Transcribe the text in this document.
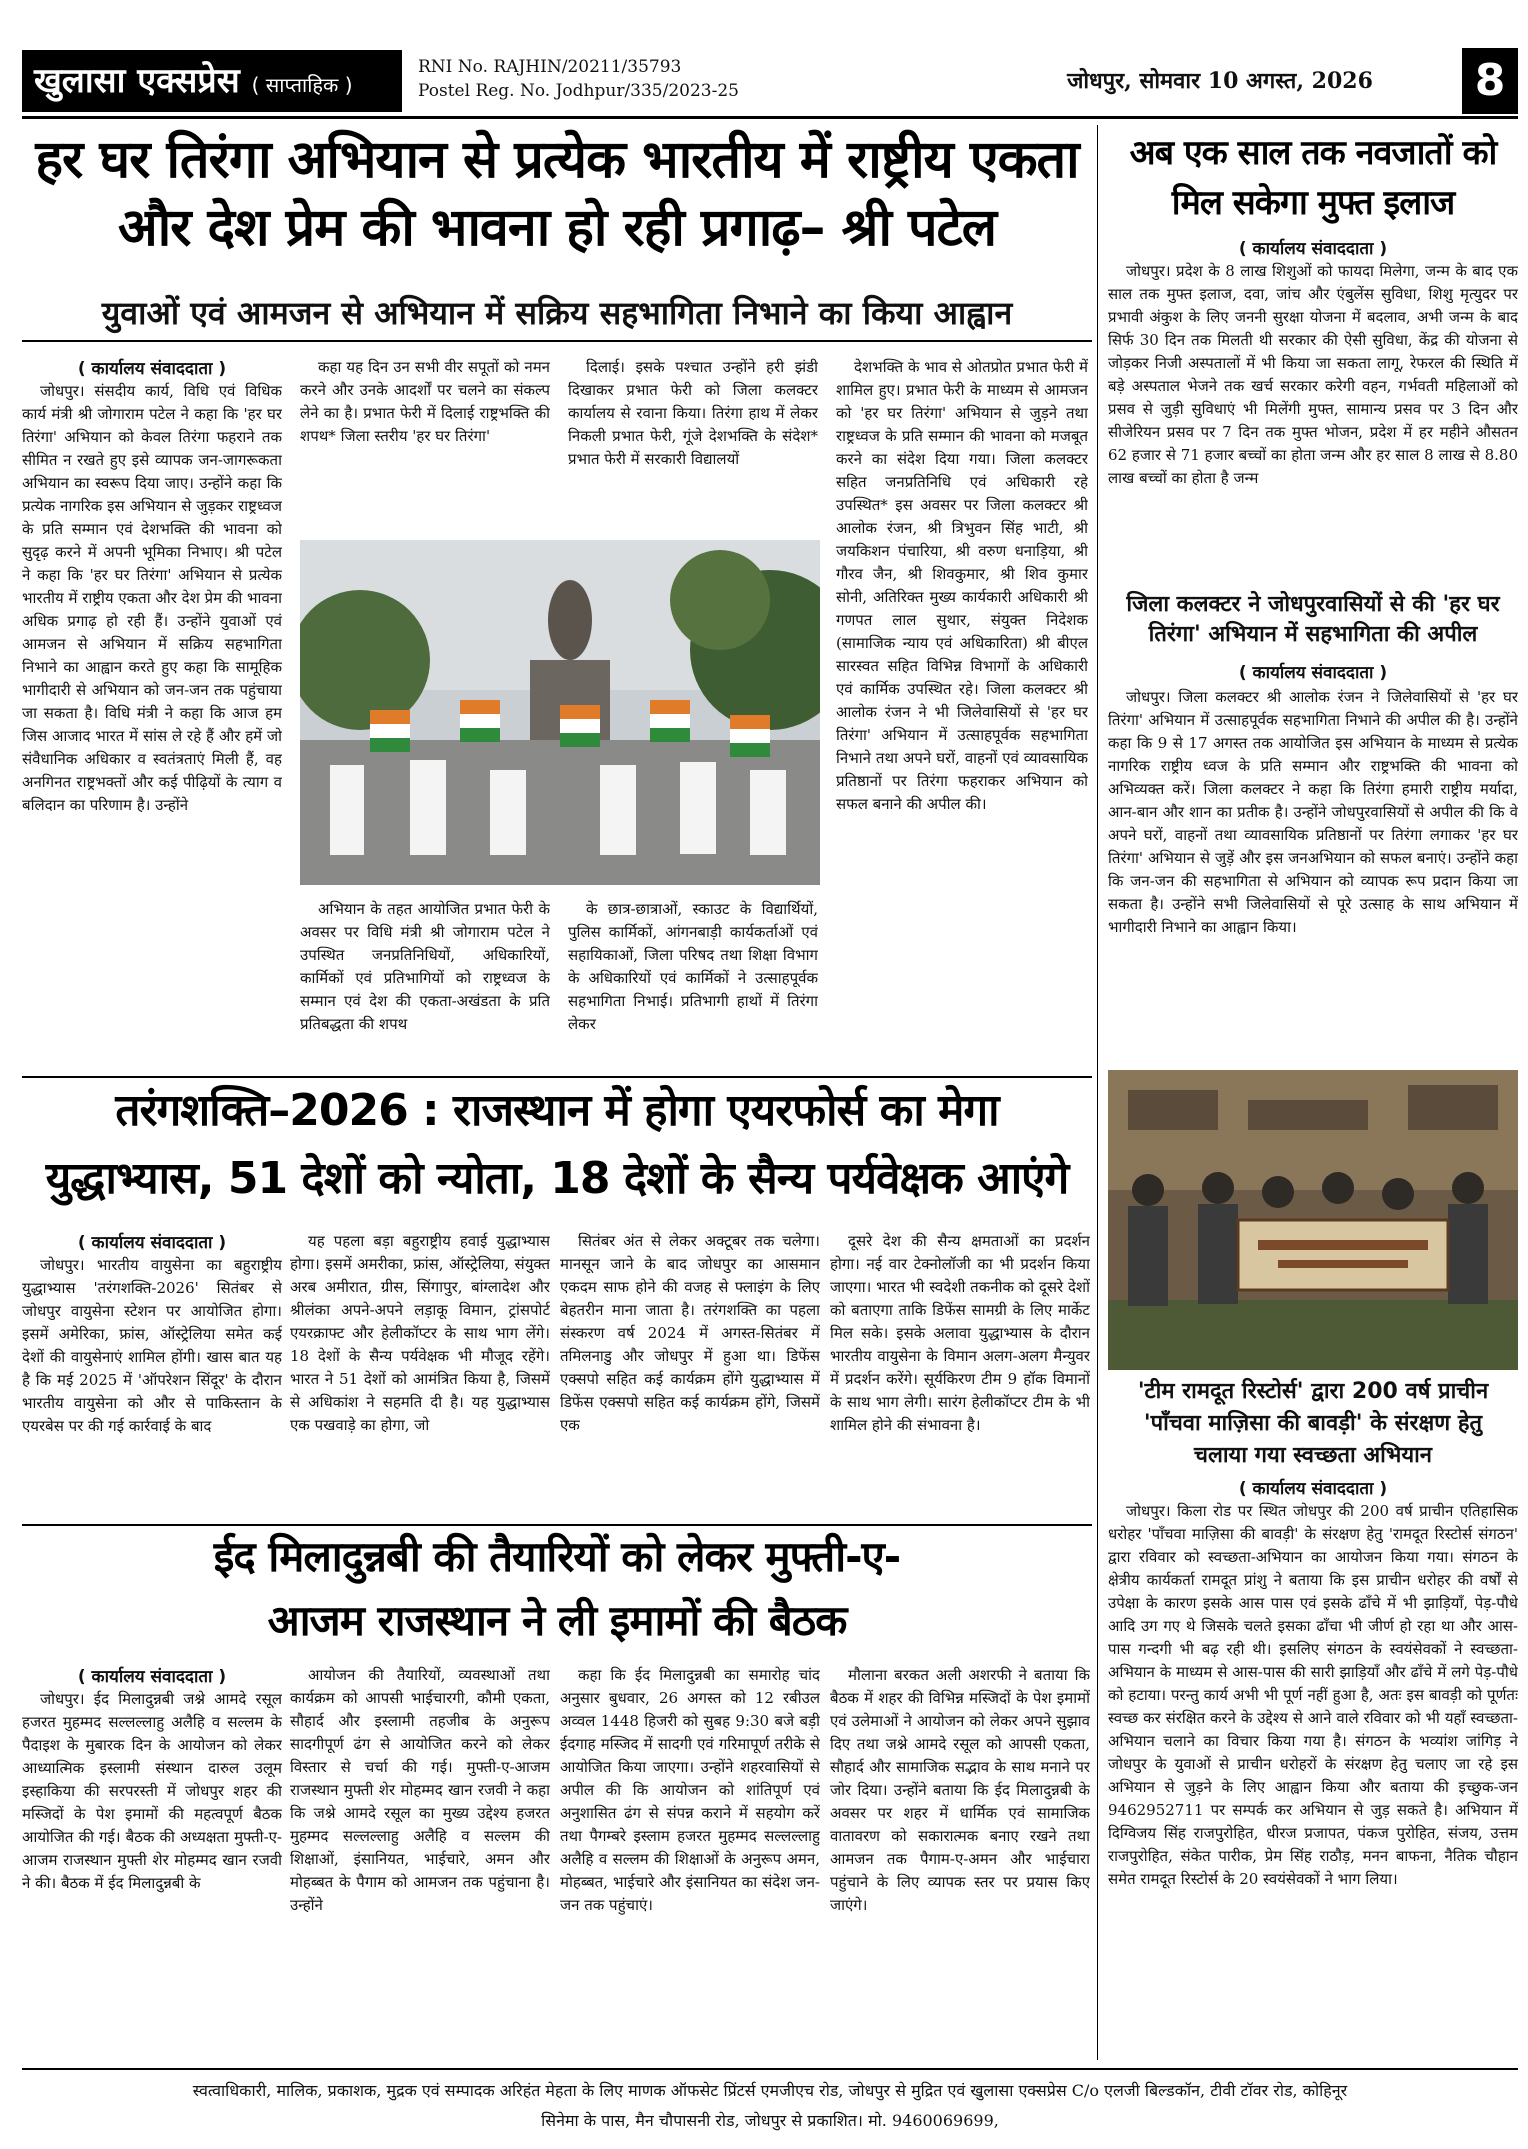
खुलासा एक्सप्रेस ( साप्ताहिक )
RNI No. RAJHIN/20211/35793
Postel Reg. No. Jodhpur/335/2023-25	जोधपुर, सोमवार 10 अगस्त, 2026	8
हर घर तिरंगा अभियान से प्रत्येक भारतीय में राष्ट्रीय एकता
और देश प्रेम की भावना हो रही प्रगाढ़– श्री पटेल
युवाओं एवं आमजन से अभियान में सक्रिय सहभागिता निभाने का किया आह्वान
( कार्यालय संवाददाता )

जोधपुर। संसदीय कार्य, विधि एवं विधिक कार्य मंत्री श्री जोगाराम पटेल ने कहा कि 'हर घर तिरंगा' अभियान को केवल तिरंगा फहराने तक सीमित न रखते हुए इसे व्यापक जन-जागरूकता अभियान का स्वरूप दिया जाए। उन्होंने कहा कि प्रत्येक नागरिक इस अभियान से जुड़कर राष्ट्रध्वज के प्रति सम्मान एवं देशभक्ति की भावना को सुदृढ़ करने में अपनी भूमिका निभाए। श्री पटेल ने कहा कि 'हर घर तिरंगा' अभियान से प्रत्येक भारतीय में राष्ट्रीय एकता और देश प्रेम की भावना अधिक प्रगाढ़ हो रही हैं। उन्होंने युवाओं एवं आमजन से अभियान में सक्रिय सहभागिता निभाने का आह्वान करते हुए कहा कि सामूहिक भागीदारी से अभियान को जन-जन तक पहुंचाया जा सकता है। विधि मंत्री ने कहा कि आज हम जिस आजाद भारत में सांस ले रहे हैं और हमें जो संवैधानिक अधिकार व स्वतंत्रताएं मिली हैं, वह अनगिनत राष्ट्रभक्तों और कई पीढ़ियों के त्याग व बलिदान का परिणाम है। उन्होंने

कहा यह दिन उन सभी वीर सपूतों को नमन करने और उनके आदर्शों पर चलने का संकल्प लेने का है। प्रभात फेरी में दिलाई राष्ट्रभक्ति की शपथ* जिला स्तरीय 'हर घर तिरंगा'

दिलाई। इसके पश्चात उन्होंने हरी झंडी दिखाकर प्रभात फेरी को जिला कलक्टर कार्यालय से रवाना किया। तिरंगा हाथ में लेकर निकली प्रभात फेरी, गूंजे देशभक्ति के संदेश* प्रभात फेरी में सरकारी विद्यालयों

अभियान के तहत आयोजित प्रभात फेरी के अवसर पर विधि मंत्री श्री जोगाराम पटेल ने उपस्थित जनप्रतिनिधियों, अधिकारियों, कार्मिकों एवं प्रतिभागियों को राष्ट्रध्वज के सम्मान एवं देश की एकता-अखंडता के प्रति प्रतिबद्धता की शपथ

के छात्र-छात्राओं, स्काउट के विद्यार्थियों, पुलिस कार्मिकों, आंगनबाड़ी कार्यकर्ताओं एवं सहायिकाओं, जिला परिषद तथा शिक्षा विभाग के अधिकारियों एवं कार्मिकों ने उत्साहपूर्वक सहभागिता निभाई। प्रतिभागी हाथों में तिरंगा लेकर

देशभक्ति के भाव से ओतप्रोत प्रभात फेरी में शामिल हुए। प्रभात फेरी के माध्यम से आमजन को 'हर घर तिरंगा' अभियान से जुड़ने तथा राष्ट्रध्वज के प्रति सम्मान की भावना को मजबूत करने का संदेश दिया गया। जिला कलक्टर सहित जनप्रतिनिधि एवं अधिकारी रहे उपस्थित* इस अवसर पर जिला कलक्टर श्री आलोक रंजन, श्री त्रिभुवन सिंह भाटी, श्री जयकिशन पंचारिया, श्री वरुण धनाड़िया, श्री गौरव जैन, श्री शिवकुमार, श्री शिव कुमार सोनी, अतिरिक्त मुख्य कार्यकारी अधिकारी श्री गणपत लाल सुथार, संयुक्त निदेशक (सामाजिक न्याय एवं अधिकारिता) श्री बीएल सारस्वत सहित विभिन्न विभागों के अधिकारी एवं कार्मिक उपस्थित रहे। जिला कलक्टर श्री आलोक रंजन ने भी जिलेवासियों से 'हर घर तिरंगा' अभियान में उत्साहपूर्वक सहभागिता निभाने तथा अपने घरों, वाहनों एवं व्यावसायिक प्रतिष्ठानों पर तिरंगा फहराकर अभियान को सफल बनाने की अपील की।

अब एक साल तक नवजातों को
मिल सकेगा मुफ्त इलाज
( कार्यालय संवाददाता )

जोधपुर। प्रदेश के 8 लाख शिशुओं को फायदा मिलेगा, जन्म के बाद एक साल तक मुफ्त इलाज, दवा, जांच और एंबुलेंस सुविधा, शिशु मृत्युदर पर प्रभावी अंकुश के लिए जननी सुरक्षा योजना में बदलाव, अभी जन्म के बाद सिर्फ 30 दिन तक मिलती थी सरकार की ऐसी सुविधा, केंद्र की योजना से जोड़कर निजी अस्पतालों में भी किया जा सकता लागू, रेफरल की स्थिति में बड़े अस्पताल भेजने तक खर्च सरकार करेगी वहन, गर्भवती महिलाओं को प्रसव से जुड़ी सुविधाएं भी मिलेंगी मुफ्त, सामान्य प्रसव पर 3 दिन और सीजेरियन प्रसव पर 7 दिन तक मुफ्त भोजन, प्रदेश में हर महीने औसतन 62 हजार से 71 हजार बच्चों का होता जन्म और हर साल 8 लाख से 8.80 लाख बच्चों का होता है जन्म

जिला कलक्टर ने जोधपुरवासियों से की 'हर घर तिरंगा' अभियान में सहभागिता की अपील
( कार्यालय संवाददाता )

जोधपुर। जिला कलक्टर श्री आलोक रंजन ने जिलेवासियों से 'हर घर तिरंगा' अभियान में उत्साहपूर्वक सहभागिता निभाने की अपील की है। उन्होंने कहा कि 9 से 17 अगस्त तक आयोजित इस अभियान के माध्यम से प्रत्येक नागरिक राष्ट्रीय ध्वज के प्रति सम्मान और राष्ट्रभक्ति की भावना को अभिव्यक्त करें। जिला कलक्टर ने कहा कि तिरंगा हमारी राष्ट्रीय मर्यादा, आन-बान और शान का प्रतीक है। उन्होंने जोधपुरवासियों से अपील की कि वे अपने घरों, वाहनों तथा व्यावसायिक प्रतिष्ठानों पर तिरंगा लगाकर 'हर घर तिरंगा' अभियान से जुड़ें और इस जनअभियान को सफल बनाएं। उन्होंने कहा कि जन-जन की सहभागिता से अभियान को व्यापक रूप प्रदान किया जा सकता है। उन्होंने सभी जिलेवासियों से पूरे उत्साह के साथ अभियान में भागीदारी निभाने का आह्वान किया।

तरंगशक्ति–2026 : राजस्थान में होगा एयरफोर्स का मेगा
युद्धाभ्यास, 51 देशों को न्योता, 18 देशों के सैन्य पर्यवेक्षक आएंगे
( कार्यालय संवाददाता )

जोधपुर। भारतीय वायुसेना का बहुराष्ट्रीय युद्धाभ्यास 'तरंगशक्ति-2026' सितंबर से जोधपुर वायुसेना स्टेशन पर आयोजित होगा। इसमें अमेरिका, फ्रांस, ऑस्ट्रेलिया समेत कई देशों की वायुसेनाएं शामिल होंगी। खास बात यह है कि मई 2025 में 'ऑपरेशन सिंदूर' के दौरान भारतीय वायुसेना को और से पाकिस्तान के एयरबेस पर की गई कार्रवाई के बाद

यह पहला बड़ा बहुराष्ट्रीय हवाई युद्धाभ्यास होगा। इसमें अमरीका, फ्रांस, ऑस्ट्रेलिया, संयुक्त अरब अमीरात, ग्रीस, सिंगापुर, बांग्लादेश और श्रीलंका अपने-अपने लड़ाकू विमान, ट्रांसपोर्ट एयरक्राफ्ट और हेलीकॉप्टर के साथ भाग लेंगे। 18 देशों के सैन्य पर्यवेक्षक भी मौजूद रहेंगे। भारत ने 51 देशों को आमंत्रित किया है, जिसमें से अधिकांश ने सहमति दी है। यह युद्धाभ्यास एक पखवाड़े का होगा, जो

सितंबर अंत से लेकर अक्टूबर तक चलेगा। मानसून जाने के बाद जोधपुर का आसमान एकदम साफ होने की वजह से फ्लाइंग के लिए बेहतरीन माना जाता है। तरंगशक्ति का पहला संस्करण वर्ष 2024 में अगस्त-सितंबर में तमिलनाडु और जोधपुर में हुआ था। डिफेंस एक्सपो सहित कई कार्यक्रम होंगे युद्धाभ्यास में डिफेंस एक्सपो सहित कई कार्यक्रम होंगे, जिसमें एक

दूसरे देश की सैन्य क्षमताओं का प्रदर्शन होगा। नई वार टेक्नोलॉजी का भी प्रदर्शन किया जाएगा। भारत भी स्वदेशी तकनीक को दूसरे देशों को बताएगा ताकि डिफेंस सामग्री के लिए मार्केट मिल सके। इसके अलावा युद्धाभ्यास के दौरान भारतीय वायुसेना के विमान अलग-अलग मैन्युवर में प्रदर्शन करेंगे। सूर्यकिरण टीम 9 हॉक विमानों के साथ भाग लेगी। सारंग हेलीकॉप्टर टीम के भी शामिल होने की संभावना है।

'टीम रामदूत रिस्टोर्स' द्वारा 200 वर्ष प्राचीन
'पाँचवा माज़िसा की बावड़ी' के संरक्षण हेतु
चलाया गया स्वच्छता अभियान
( कार्यालय संवाददाता )

जोधपुर। किला रोड पर स्थित जोधपुर की 200 वर्ष प्राचीन एतिहासिक धरोहर 'पाँचवा माज़िसा की बावड़ी' के संरक्षण हेतु 'रामदूत रिस्टोर्स संगठन' द्वारा रविवार को स्वच्छता-अभियान का आयोजन किया गया। संगठन के क्षेत्रीय कार्यकर्ता रामदूत प्रांशु ने बताया कि इस प्राचीन धरोहर की वर्षों से उपेक्षा के कारण इसके आस पास एवं इसके ढाँचे में भी झाड़ियाँ, पेड़-पौधे आदि उग गए थे जिसके चलते इसका ढाँचा भी जीर्ण हो रहा था और आस-पास गन्दगी भी बढ़ रही थी। इसलिए संगठन के स्वयंसेवकों ने स्वच्छता-अभियान के माध्यम से आस-पास की सारी झाड़ियाँ और ढाँचे में लगे पेड़-पौधे को हटाया। परन्तु कार्य अभी भी पूर्ण नहीं हुआ है, अतः इस बावड़ी को पूर्णतः स्वच्छ कर संरक्षित करने के उद्देश्य से आने वाले रविवार को भी यहाँ स्वच्छता-अभियान चलाने का विचार किया गया है। संगठन के भव्यांश जांगिड़ ने जोधपुर के युवाओं से प्राचीन धरोहरों के संरक्षण हेतु चलाए जा रहे इस अभियान से जुड़ने के लिए आह्वान किया और बताया की इच्छुक-जन 9462952711 पर सम्पर्क कर अभियान से जुड़ सकते है। अभियान में दिग्विजय सिंह राजपुरोहित, धीरज प्रजापत, पंकज पुरोहित, संजय, उत्तम राजपुरोहित, संकेत पारीक, प्रेम सिंह राठौड़, मनन बाफना, नैतिक चौहान समेत रामदूत रिस्टोर्स के 20 स्वयंसेवकों ने भाग लिया।

ईद मिलादुन्नबी की तैयारियों को लेकर मुफ्ती-ए-
आजम राजस्थान ने ली इमामों की बैठक
( कार्यालय संवाददाता )

जोधपुर। ईद मिलादुन्नबी जश्ने आमदे रसूल हजरत मुहम्मद सल्लल्लाहु अलैहि व सल्लम के पैदाइश के मुबारक दिन के आयोजन को लेकर आध्यात्मिक इस्लामी संस्थान दारुल उलूम इस्हाकिया की सरपरस्ती में जोधपुर शहर की मस्जिदों के पेश इमामों की महत्वपूर्ण बैठक आयोजित की गई। बैठक की अध्यक्षता मुफ्ती-ए-आजम राजस्थान मुफ्ती शेर मोहम्मद खान रजवी ने की। बैठक में ईद मिलादुन्नबी के

आयोजन की तैयारियों, व्यवस्थाओं तथा कार्यक्रम को आपसी भाईचारगी, कौमी एकता, सौहार्द और इस्लामी तहजीब के अनुरूप सादगीपूर्ण ढंग से आयोजित करने को लेकर विस्तार से चर्चा की गई। मुफ्ती-ए-आजम राजस्थान मुफ्ती शेर मोहम्मद खान रजवी ने कहा कि जश्ने आमदे रसूल का मुख्य उद्देश्य हजरत मुहम्मद सल्लल्लाहु अलैहि व सल्लम की शिक्षाओं, इंसानियत, भाईचारे, अमन और मोहब्बत के पैगाम को आमजन तक पहुंचाना है। उन्होंने

कहा कि ईद मिलादुन्नबी का समारोह चांद अनुसार बुधवार, 26 अगस्त को 12 रबीउल अव्वल 1448 हिजरी को सुबह 9:30 बजे बड़ी ईदगाह मस्जिद में सादगी एवं गरिमापूर्ण तरीके से आयोजित किया जाएगा। उन्होंने शहरवासियों से अपील की कि आयोजन को शांतिपूर्ण एवं अनुशासित ढंग से संपन्न कराने में सहयोग करें तथा पैगम्बरे इस्लाम हजरत मुहम्मद सल्लल्लाहु अलैहि व सल्लम की शिक्षाओं के अनुरूप अमन, मोहब्बत, भाईचारे और इंसानियत का संदेश जन-जन तक पहुंचाएं।

मौलाना बरकत अली अशरफी ने बताया कि बैठक में शहर की विभिन्न मस्जिदों के पेश इमामों एवं उलेमाओं ने आयोजन को लेकर अपने सुझाव दिए तथा जश्ने आमदे रसूल को आपसी एकता, सौहार्द और सामाजिक सद्भाव के साथ मनाने पर जोर दिया। उन्होंने बताया कि ईद मिलादुन्नबी के अवसर पर शहर में धार्मिक एवं सामाजिक वातावरण को सकारात्मक बनाए रखने तथा आमजन तक पैगाम-ए-अमन और भाईचारा पहुंचाने के लिए व्यापक स्तर पर प्रयास किए जाएंगे।

स्वत्वाधिकारी, मालिक, प्रकाशक, मुद्रक एवं सम्पादक अरिहंत मेहता के लिए माणक ऑफसेट प्रिंटर्स एमजीएच रोड, जोधपुर से मुद्रित एवं खुलासा एक्सप्रेस C/o एलजी बिल्डकॉन, टीवी टॉवर रोड, कोहिनूर
सिनेमा के पास, मैन चौपासनी रोड, जोधपुर से प्रकाशित। मो. 9460069699,
